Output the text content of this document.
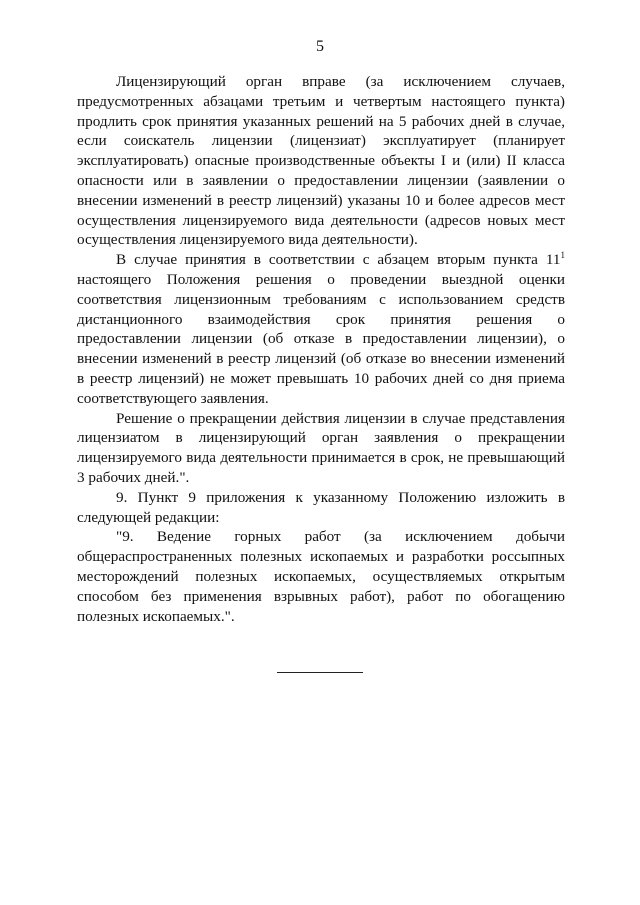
5

Лицензирующий орган вправе (за исключением случаев, предусмотренных абзацами третьим и четвертым настоящего пункта) продлить срок принятия указанных решений на 5 рабочих дней в случае, если соискатель лицензии (лицензиат) эксплуатирует (планирует эксплуатировать) опасные производственные объекты I и (или) II класса опасности или в заявлении о предоставлении лицензии (заявлении о внесении изменений в реестр лицензий) указаны 10 и более адресов мест осуществления лицензируемого вида деятельности (адресов новых мест осуществления лицензируемого вида деятельности).

В случае принятия в соответствии с абзацем вторым пункта $11^1$ настоящего Положения решения о проведении выездной оценки соответствия лицензионным требованиям с использованием средств дистанционного взаимодействия срок принятия решения о предоставлении лицензии (об отказе в предоставлении лицензии), о внесении изменений в реестр лицензий (об отказе во внесении изменений в реестр лицензий) не может превышать 10 рабочих дней со дня приема соответствующего заявления.

Решение о прекращении действия лицензии в случае представления лицензиатом в лицензирующий орган заявления о прекращении лицензируемого вида деятельности принимается в срок, не превышающий 3 рабочих дней.".

9. Пункт 9 приложения к указанному Положению изложить в следующей редакции:

"9. Ведение горных работ (за исключением добычи общераспространенных полезных ископаемых и разработки россыпных месторождений полезных ископаемых, осуществляемых открытым способом без применения взрывных работ), работ по обогащению полезных ископаемых.".
